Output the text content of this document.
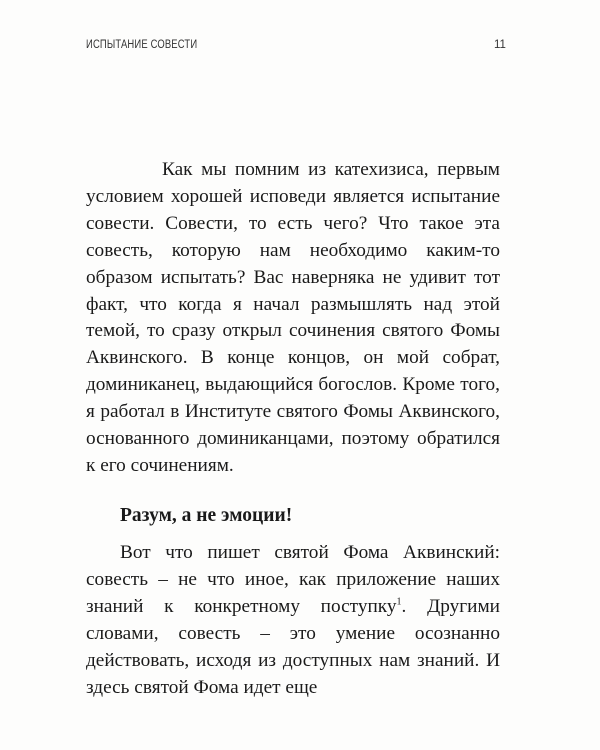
ИСПЫТАНИЕ СОВЕСТИ	11

Как мы помним из катехизиса, первым условием хорошей исповеди является испытание совести. Совести, то есть чего? Что такое эта совесть, которую нам необходимо каким-то образом испытать? Вас наверняка не удивит тот факт, что когда я начал размышлять над этой темой, то сразу открыл сочинения святого Фомы Аквинского. В конце концов, он мой собрат, доминиканец, выдающийся богослов. Кроме того, я работал в Институте святого Фомы Аквинского, основанного доминиканцами, поэтому обратился к его сочинениям.

Разум, а не эмоции!

Вот что пишет святой Фома Аквинский: совесть – не что иное, как приложение наших знаний к конкретному поступку$^1$. Другими словами, совесть – это умение осознанно действовать, исходя из доступных нам знаний. И здесь святой Фома идет еще
